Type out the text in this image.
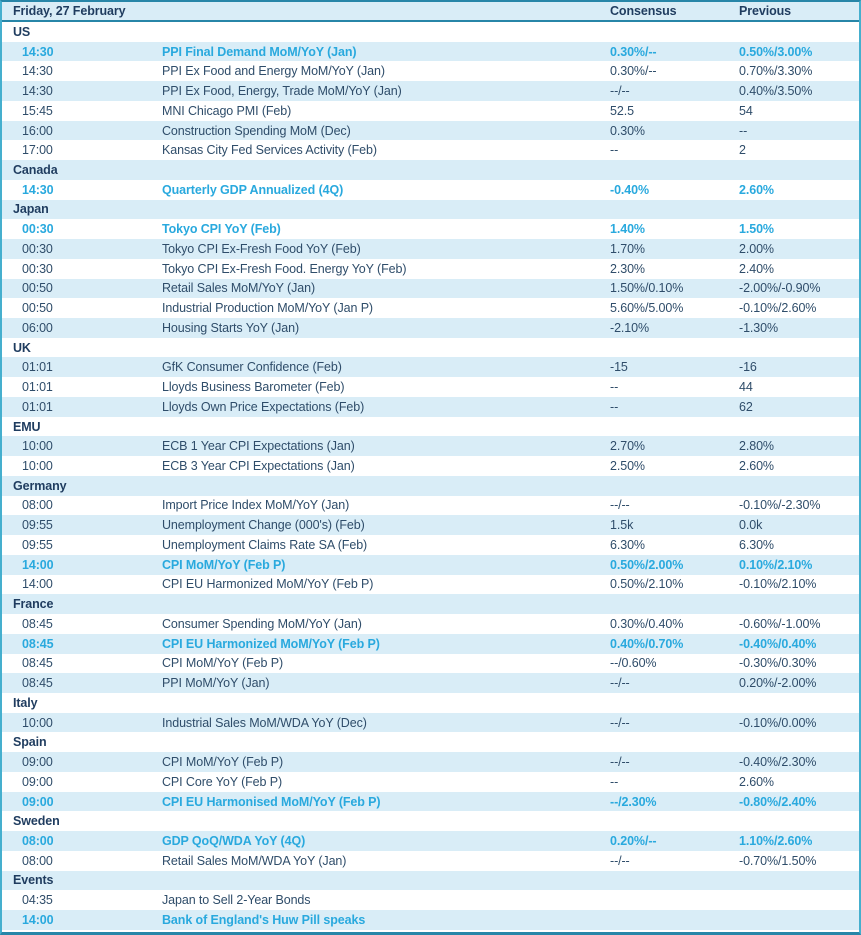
Friday, 27 February	Consensus	Previous
US
14:30	PPI Final Demand MoM/YoY (Jan)	0.30%/--	0.50%/3.00%
14:30	PPI Ex Food and Energy MoM/YoY (Jan)	0.30%/--	0.70%/3.30%
14:30	PPI Ex Food, Energy, Trade MoM/YoY (Jan)	--/--	0.40%/3.50%
15:45	MNI Chicago PMI (Feb)	52.5	54
16:00	Construction Spending MoM (Dec)	0.30%	--
17:00	Kansas City Fed Services Activity (Feb)	--	2
Canada
14:30	Quarterly GDP Annualized (4Q)	-0.40%	2.60%
Japan
00:30	Tokyo CPI YoY (Feb)	1.40%	1.50%
00:30	Tokyo CPI Ex-Fresh Food YoY (Feb)	1.70%	2.00%
00:30	Tokyo CPI Ex-Fresh Food. Energy YoY (Feb)	2.30%	2.40%
00:50	Retail Sales MoM/YoY (Jan)	1.50%/0.10%	-2.00%/-0.90%
00:50	Industrial Production MoM/YoY (Jan P)	5.60%/5.00%	-0.10%/2.60%
06:00	Housing Starts YoY (Jan)	-2.10%	-1.30%
UK
01:01	GfK Consumer Confidence (Feb)	-15	-16
01:01	Lloyds Business Barometer (Feb)	--	44
01:01	Lloyds Own Price Expectations (Feb)	--	62
EMU
10:00	ECB 1 Year CPI Expectations (Jan)	2.70%	2.80%
10:00	ECB 3 Year CPI Expectations (Jan)	2.50%	2.60%
Germany
08:00	Import Price Index MoM/YoY (Jan)	--/--	-0.10%/-2.30%
09:55	Unemployment Change (000's) (Feb)	1.5k	0.0k
09:55	Unemployment Claims Rate SA (Feb)	6.30%	6.30%
14:00	CPI MoM/YoY (Feb P)	0.50%/2.00%	0.10%/2.10%
14:00	CPI EU Harmonized MoM/YoY (Feb P)	0.50%/2.10%	-0.10%/2.10%
France
08:45	Consumer Spending MoM/YoY (Jan)	0.30%/0.40%	-0.60%/-1.00%
08:45	CPI EU Harmonized MoM/YoY (Feb P)	0.40%/0.70%	-0.40%/0.40%
08:45	CPI MoM/YoY (Feb P)	--/0.60%	-0.30%/0.30%
08:45	PPI MoM/YoY (Jan)	--/--	0.20%/-2.00%
Italy
10:00	Industrial Sales MoM/WDA YoY (Dec)	--/--	-0.10%/0.00%
Spain
09:00	CPI MoM/YoY (Feb P)	--/--	-0.40%/2.30%
09:00	CPI Core YoY (Feb P)	--	2.60%
09:00	CPI EU Harmonised MoM/YoY (Feb P)	--/2.30%	-0.80%/2.40%
Sweden
08:00	GDP QoQ/WDA YoY (4Q)	0.20%/--	1.10%/2.60%
08:00	Retail Sales MoM/WDA YoY (Jan)	--/--	-0.70%/1.50%
Events
04:35	Japan to Sell 2-Year Bonds
14:00	Bank of England's Huw Pill speaks
